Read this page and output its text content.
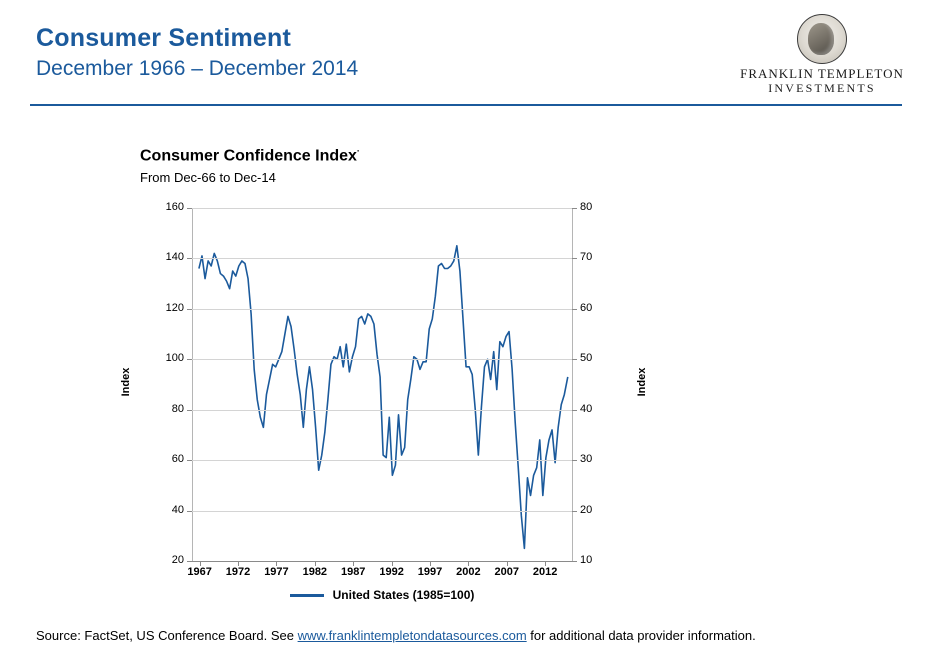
Consumer Sentiment
December 1966 – December 2014	FRANKLIN TEMPLETON
INVESTMENTS
Consumer Confidence Index·
From Dec-66 to Dec-14
Index	Index
20
40
60
80
100
120
140
160
10
20
30
40
50
60
70
80
1967	1972	1977	1982	1987	1992	1997	2002	2007	2012
United States (1985=100)
Source: FactSet, US Conference Board. See www.franklintempletondatasources.com for additional data provider information.
